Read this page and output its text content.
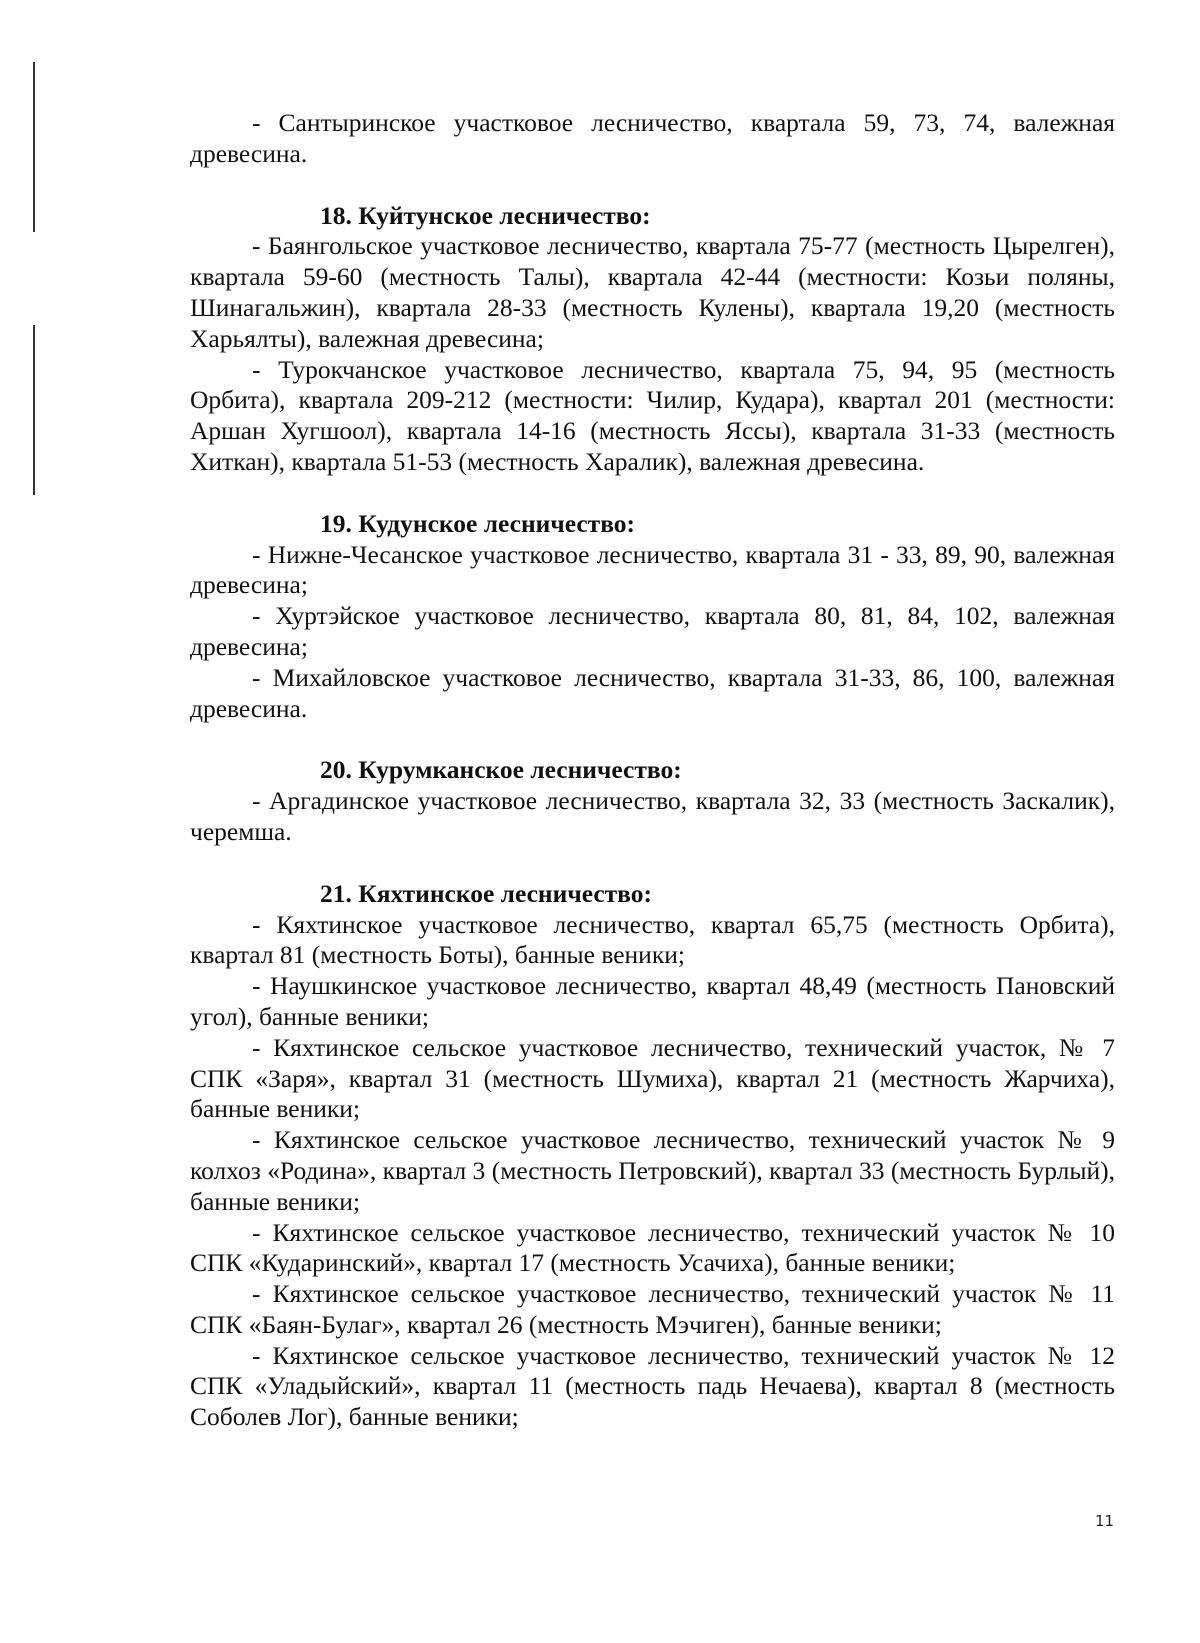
- Сантыринское участковое лесничество, квартала 59, 73, 74, валежная древесина.

18. Куйтунское лесничество:

- Баянгольское участковое лесничество, квартала 75-77 (местность Цырелген), квартала 59-60 (местность Талы), квартала 42-44 (местности: Козьи поляны, Шинагальжин), квартала 28-33 (местность Кулены), квартала 19,20 (местность Харьялты), валежная древесина;

- Турокчанское участковое лесничество, квартала 75, 94, 95 (местность Орбита), квартала 209-212 (местности: Чилир, Кудара), квартал 201 (местности: Аршан Хугшоол), квартала 14-16 (местность Яссы), квартала 31-33 (местность Хиткан), квартала 51-53 (местность Харалик), валежная древесина.

19. Кудунское лесничество:

- Нижне-Чесанское участковое лесничество, квартала 31 - 33, 89, 90, валежная древесина;

- Хуртэйское участковое лесничество, квартала 80, 81, 84, 102, валежная древесина;

- Михайловское участковое лесничество, квартала 31-33, 86, 100, валежная древесина.

20. Курумканское лесничество:

- Аргадинское участковое лесничество, квартала 32, 33 (местность Заскалик), черемша.

21. Кяхтинское лесничество:

- Кяхтинское участковое лесничество, квартал 65,75 (местность Орбита), квартал 81 (местность Боты), банные веники;

- Наушкинское участковое лесничество, квартал 48,49 (местность Пановский угол), банные веники;

- Кяхтинское сельское участковое лесничество, технический участок, № 7 СПК «Заря», квартал 31 (местность Шумиха), квартал 21 (местность Жарчиха), банные веники;

- Кяхтинское сельское участковое лесничество, технический участок № 9 колхоз «Родина», квартал 3 (местность Петровский), квартал 33 (местность Бурлый), банные веники;

- Кяхтинское сельское участковое лесничество, технический участок № 10 СПК «Кударинский», квартал 17 (местность Усачиха), банные веники;

- Кяхтинское сельское участковое лесничество, технический участок № 11 СПК «Баян-Булаг», квартал 26 (местность Мэчиген), банные веники;

- Кяхтинское сельское участковое лесничество, технический участок № 12 СПК «Уладыйский», квартал 11 (местность падь Нечаева), квартал 8 (местность Соболев Лог), банные веники;

11
